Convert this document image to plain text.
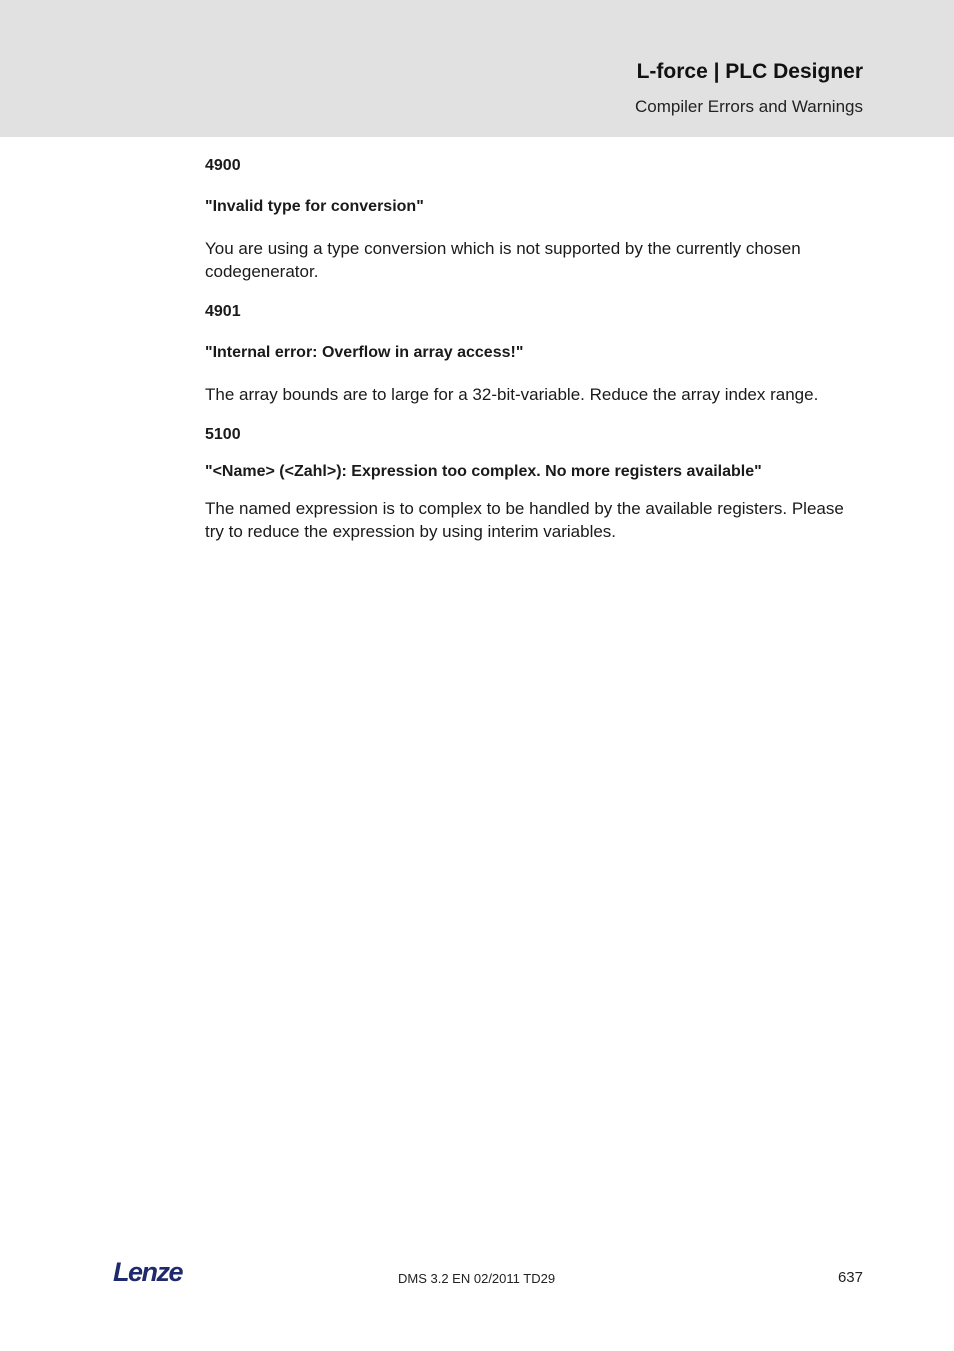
L-force | PLC Designer
Compiler Errors and Warnings
4900
"Invalid type for conversion"
You are using a type conversion which is not supported by the currently chosen codegenerator.
4901
"Internal error: Overflow in array access!"
The array bounds are to large for a 32-bit-variable. Reduce the array index range.
5100
"<Name> (<Zahl>): Expression too complex. No more registers available"
The named expression is to complex to be handled by the available registers. Please try to reduce the expression by using interim variables.
Lenze	DMS 3.2 EN 02/2011 TD29	637
